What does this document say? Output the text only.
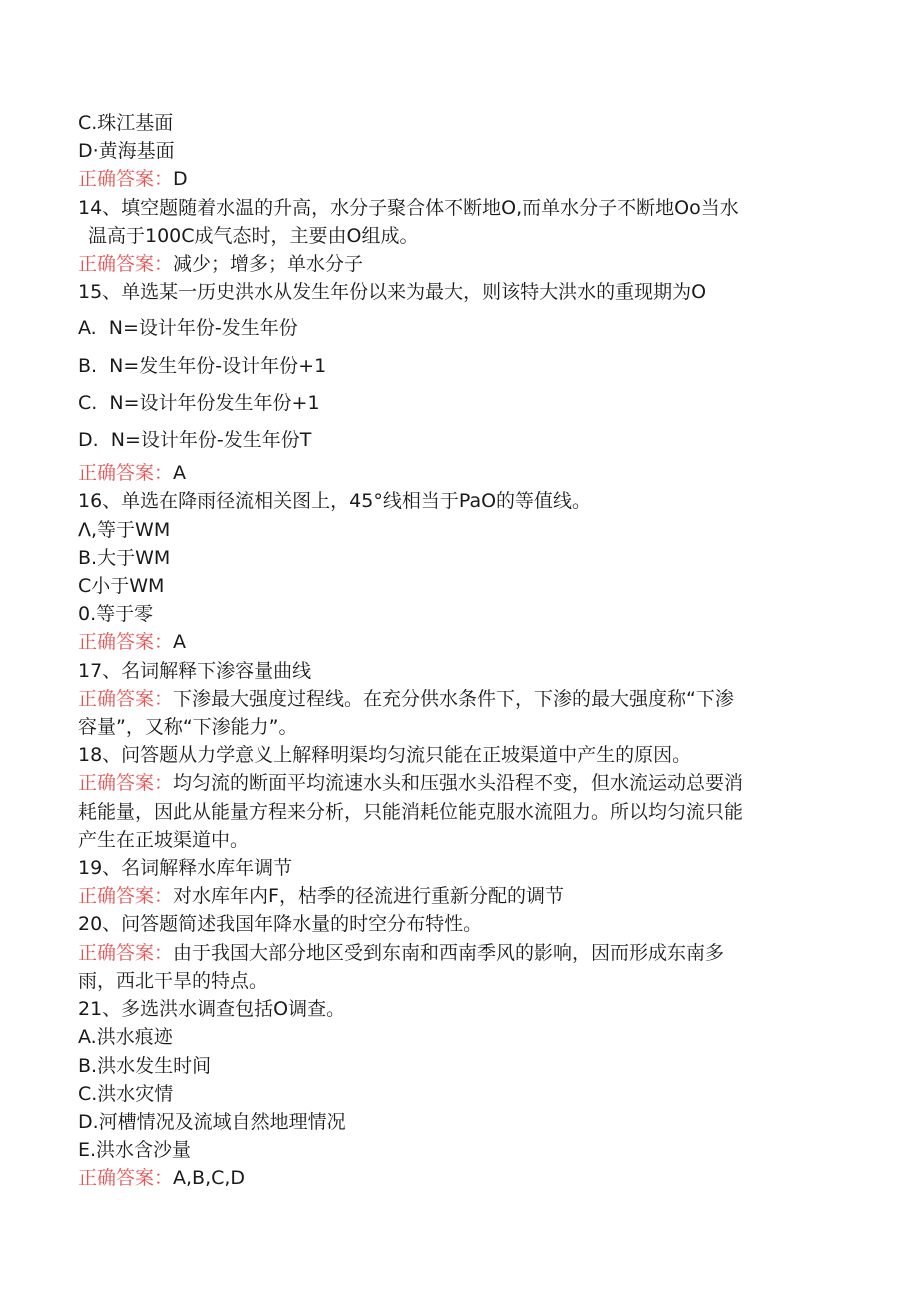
C.珠江基面
D·黄海基面
正确答案：D
14、填空题随着水温的升高，水分子聚合体不断地O,而单水分子不断地Oo当水
温高于100C成气态时，主要由O组成。
正确答案：减少；增多；单水分子
15、单选某一历史洪水从发生年份以来为最大，则该特大洪水的重现期为O
A.  N=设计年份-发生年份
B.  N=发生年份-设计年份+1
C.  N=设计年份发生年份+1
D.  N=设计年份-发生年份T
正确答案：A
16、单选在降雨径流相关图上，45°线相当于PaO的等值线。
Λ,等于WM
B.大于WM
C小于WM
0.等于零
正确答案：A
17、名词解释下渗容量曲线
正确答案：下渗最大强度过程线。在充分供水条件下，下渗的最大强度称“下渗
容量”，又称“下渗能力”。
18、问答题从力学意义上解释明渠均匀流只能在正坡渠道中产生的原因。
正确答案：均匀流的断面平均流速水头和压强水头沿程不变，但水流运动总要消
耗能量，因此从能量方程来分析，只能消耗位能克服水流阻力。所以均匀流只能
产生在正坡渠道中。
19、名词解释水库年调节
正确答案：对水库年内F，枯季的径流进行重新分配的调节
20、问答题简述我国年降水量的时空分布特性。
正确答案：由于我国大部分地区受到东南和西南季风的影响，因而形成东南多
雨，西北干旱的特点。
21、多选洪水调查包括O调查。
A.洪水痕迹
B.洪水发生时间
C.洪水灾情
D.河槽情况及流域自然地理情况
E.洪水含沙量
正确答案：A,B,C,D
